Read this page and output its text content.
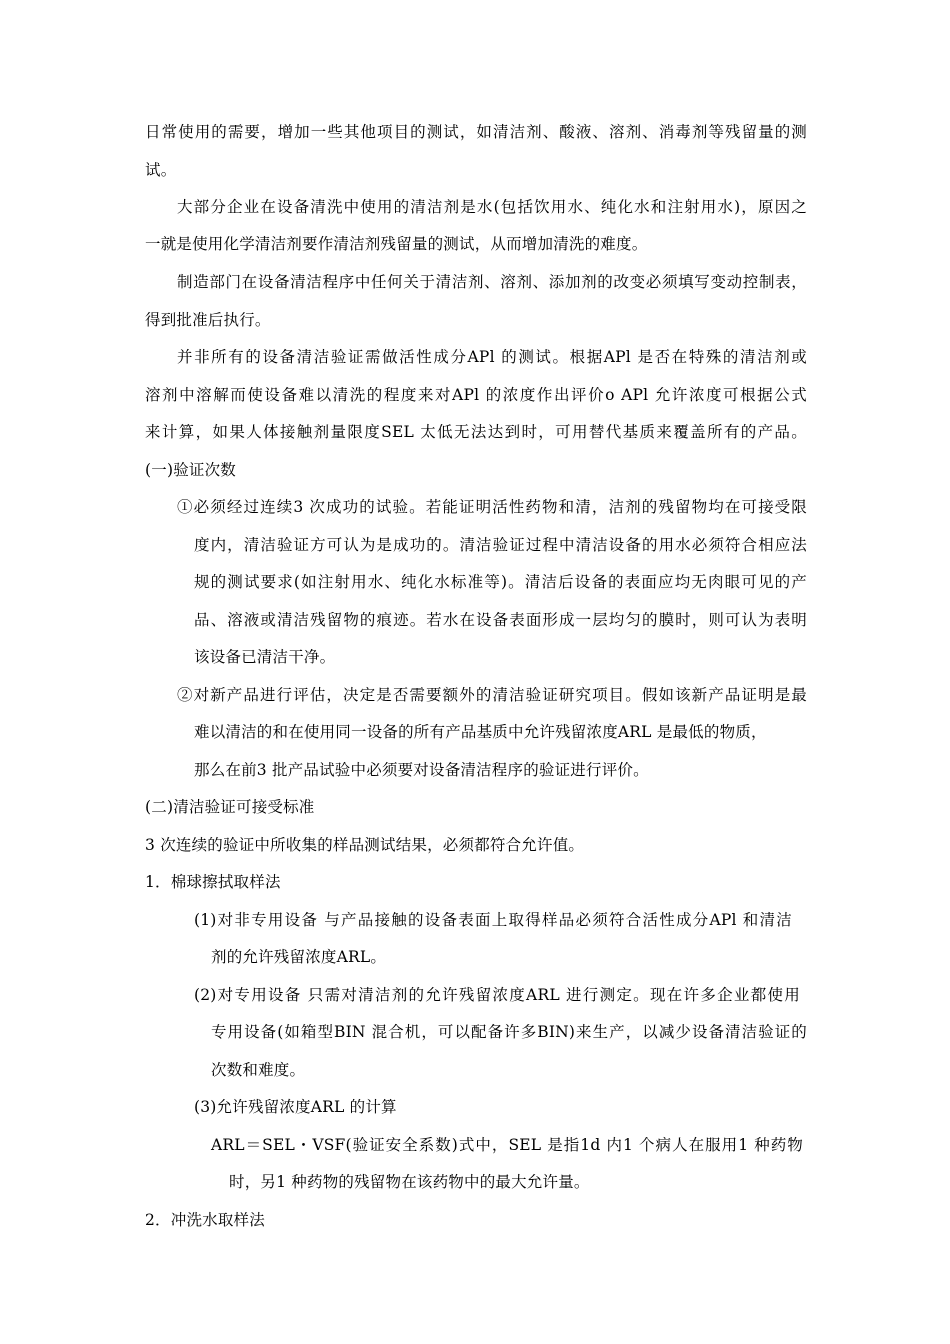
日常使用的需要，增加一些其他项目的测试，如清洁剂、酸液、溶剂、消毒剂等残留量的测
试。
大部分企业在设备清洗中使用的清洁剂是水(包括饮用水、纯化水和注射用水)，原因之
一就是使用化学清洁剂要作清洁剂残留量的测试，从而增加清洗的难度。
制造部门在设备清洁程序中任何关于清洁剂、溶剂、添加剂的改变必须填写变动控制表，
得到批准后执行。
并非所有的设备清洁验证需做活性成分APl 的测试。根据APl 是否在特殊的清洁剂或
溶剂中溶解而使设备难以清洗的程度来对APl 的浓度作出评价o APl 允许浓度可根据公式
来计算，如果人体接触剂量限度SEL 太低无法达到时，可用替代基质来覆盖所有的产品。
(一)验证次数
①必须经过连续3 次成功的试验。若能证明活性药物和清，洁剂的残留物均在可接受限
度内，清洁验证方可认为是成功的。清洁验证过程中清洁设备的用水必须符合相应法
规的测试要求(如注射用水、纯化水标准等)。清洁后设备的表面应均无肉眼可见的产
品、溶液或清洁残留物的痕迹。若水在设备表面形成一层均匀的膜时，则可认为表明
该设备已清洁干净。
②对新产品进行评估，决定是否需要额外的清洁验证研究项目。假如该新产品证明是最
难以清洁的和在使用同一设备的所有产品基质中允许残留浓度ARL 是最低的物质，
那么在前3 批产品试验中必须要对设备清洁程序的验证进行评价。
(二)清洁验证可接受标准
3 次连续的验证中所收集的样品测试结果，必须都符合允许值。
1．棉球擦拭取样法
(1)对非专用设备 与产品接触的设备表面上取得样品必须符合活性成分APl 和清洁
剂的允许残留浓度ARL。
(2)对专用设备 只需对清洁剂的允许残留浓度ARL 进行测定。现在许多企业都使用
专用设备(如箱型BIN 混合机，可以配备许多BIN)来生产，以减少设备清洁验证的
次数和难度。
(3)允许残留浓度ARL 的计算
ARL＝SEL・VSF(验证安全系数)式中，SEL 是指1d 内1 个病人在服用1 种药物
时，另1 种药物的残留物在该药物中的最大允许量。
2．冲洗水取样法
